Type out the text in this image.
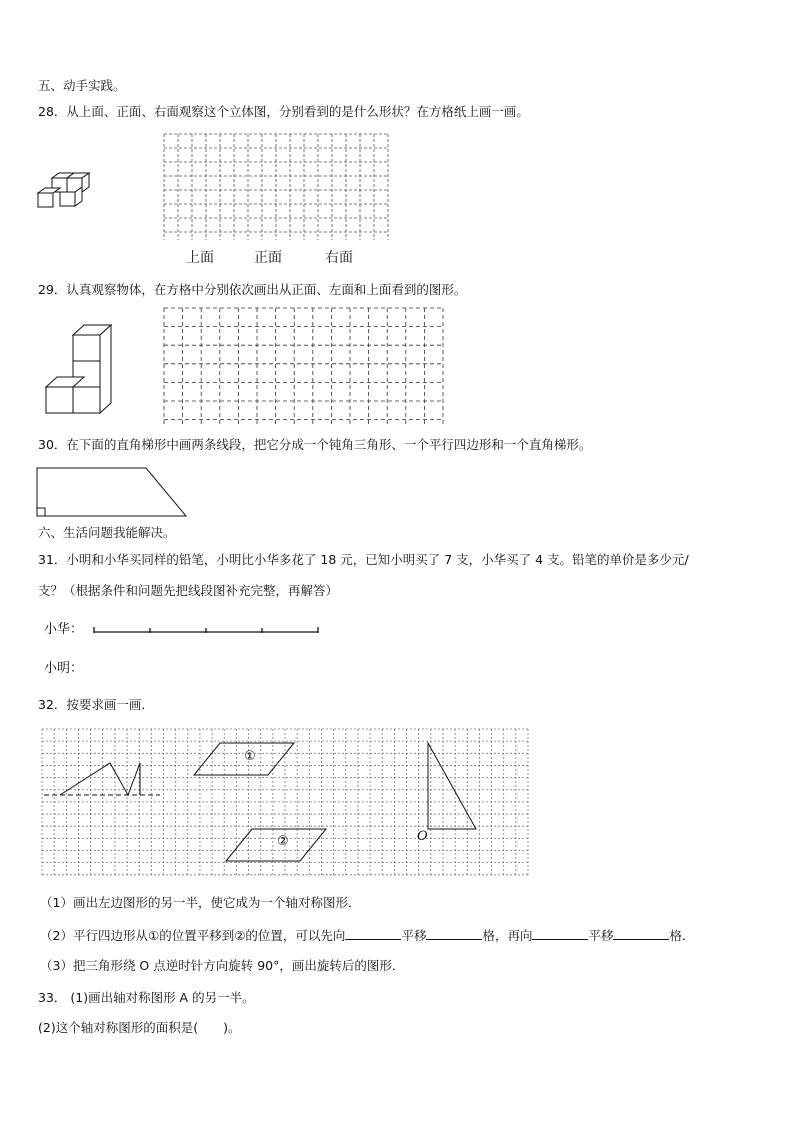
五、动手实践。
28．从上面、正面、右面观察这个立体图，分别看到的是什么形状？在方格纸上画一画。
上面	正面	右面
29．认真观察物体，在方格中分别依次画出从正面、左面和上面看到的图形。
30．在下面的直角梯形中画两条线段，把它分成一个钝角三角形、一个平行四边形和一个直角梯形。
六、生活问题我能解决。
31．小明和小华买同样的铅笔，小明比小华多花了 18 元，已知小明买了 7 支，小华买了 4 支。铅笔的单价是多少元/
支？（根据条件和问题先把线段图补充完整，再解答）
小华：
小明：
32．按要求画一画．
①
②	O
（1）画出左边图形的另一半，使它成为一个轴对称图形．
（2）平行四边形从①的位置平移到②的位置，可以先向	平移	格，再向	平移	格．
（3）把三角形绕 O 点逆时针方向旋转 90°，画出旋转后的图形．
33． (1)画出轴对称图形 A 的另一半。
(2)这个轴对称图形的面积是(　　)。
